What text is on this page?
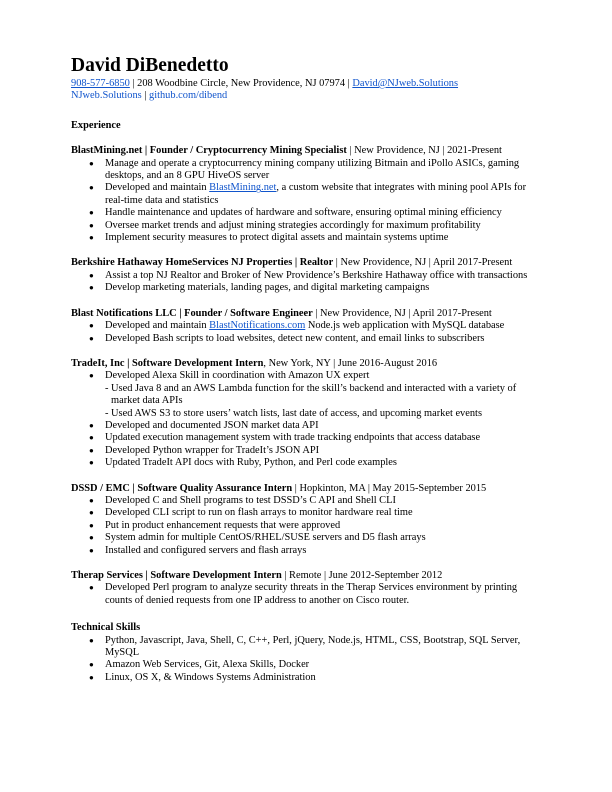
David DiBenedetto
908-577-6850 | 208 Woodbine Circle, New Providence, NJ 07974 | David@NJweb.Solutions
NJweb.Solutions | github.com/dibend
Experience
BlastMining.net | Founder / Cryptocurrency Mining Specialist | New Providence, NJ | 2021-Present
● Manage and operate a cryptocurrency mining company utilizing Bitmain and iPollo ASICs, gaming desktops, and an 8 GPU HiveOS server
● Developed and maintain BlastMining.net, a custom website that integrates with mining pool APIs for real-time data and statistics
● Handle maintenance and updates of hardware and software, ensuring optimal mining efficiency
● Oversee market trends and adjust mining strategies accordingly for maximum profitability
● Implement security measures to protect digital assets and maintain systems uptime
Berkshire Hathaway HomeServices NJ Properties | Realtor | New Providence, NJ | April 2017-Present
● Assist a top NJ Realtor and Broker of New Providence’s Berkshire Hathaway office with transactions
● Develop marketing materials, landing pages, and digital marketing campaigns
Blast Notifications LLC | Founder / Software Engineer | New Providence, NJ | April 2017-Present
● Developed and maintain BlastNotifications.com Node.js web application with MySQL database
● Developed Bash scripts to load websites, detect new content, and email links to subscribers
TradeIt, Inc | Software Development Intern, New York, NY | June 2016-August 2016
● Developed Alexa Skill in coordination with Amazon UX expert
- Used Java 8 and an AWS Lambda function for the skill’s backend and interacted with a variety of market data APIs
- Used AWS S3 to store users’ watch lists, last date of access, and upcoming market events
● Developed and documented JSON market data API
● Updated execution management system with trade tracking endpoints that access database
● Developed Python wrapper for TradeIt’s JSON API
● Updated TradeIt API docs with Ruby, Python, and Perl code examples
DSSD / EMC | Software Quality Assurance Intern | Hopkinton, MA | May 2015-September 2015
● Developed C and Shell programs to test DSSD’s C API and Shell CLI
● Developed CLI script to run on flash arrays to monitor hardware real time
● Put in product enhancement requests that were approved
● System admin for multiple CentOS/RHEL/SUSE servers and D5 flash arrays
● Installed and configured servers and flash arrays
Therap Services | Software Development Intern | Remote | June 2012-September 2012
● Developed Perl program to analyze security threats in the Therap Services environment by printing counts of denied requests from one IP address to another on Cisco router.
Technical Skills
● Python, Javascript, Java, Shell, C, C++, Perl, jQuery, Node.js, HTML, CSS, Bootstrap, SQL Server, MySQL
● Amazon Web Services, Git, Alexa Skills, Docker
● Linux, OS X, & Windows Systems Administration
